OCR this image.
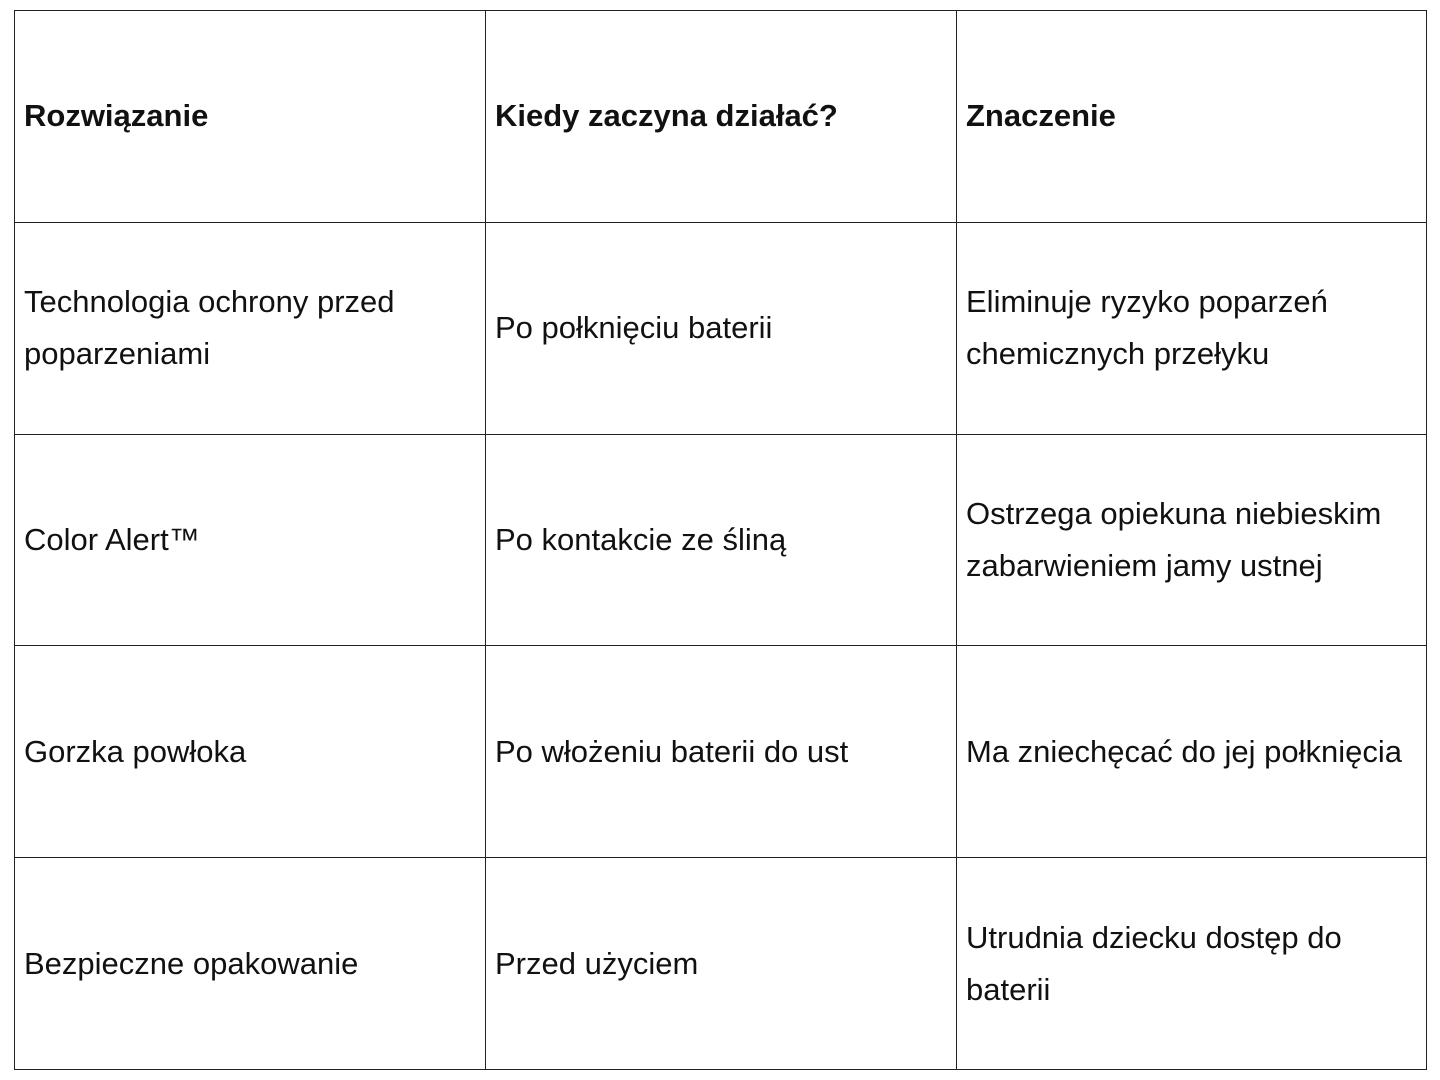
Rozwiązanie	Kiedy zaczyna działać?	Znaczenie
Technologia ochrony przed poparzeniami	Po połknięciu baterii	Eliminuje ryzyko poparzeń chemicznych przełyku
Color Alert™	Po kontakcie ze śliną	Ostrzega opiekuna niebieskim zabarwieniem jamy ustnej
Gorzka powłoka	Po włożeniu baterii do ust	Ma zniechęcać do jej połknięcia
Bezpieczne opakowanie	Przed użyciem	Utrudnia dziecku dostęp do baterii
